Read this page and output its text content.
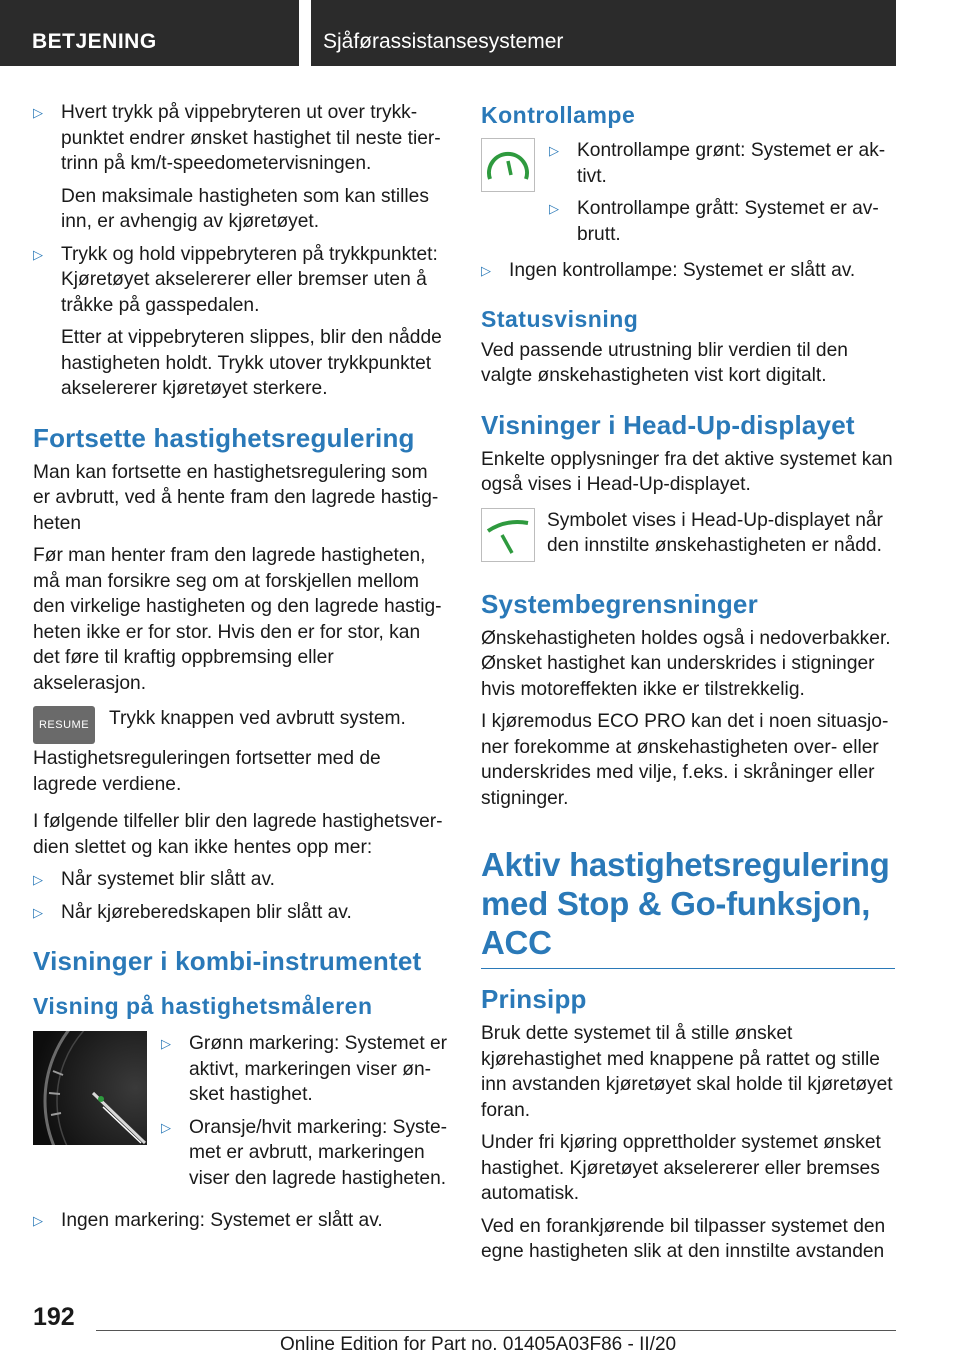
BETJENING	Sjåførassistansesystemer
▷ Hvert trykk på vippebryteren ut over trykkpunktet endrer ønsket hastighet til neste tiertrinn på km/t-speedometervisningen.
Den maksimale hastigheten som kan stilles inn, er avhengig av kjøretøyet.
▷ Trykk og hold vippebryteren på trykkpunktet: Kjøretøyet akselererer eller bremser uten å tråkke på gasspedalen.
Etter at vippebryteren slippes, blir den nådde hastigheten holdt. Trykk utover trykkpunktet akselererer kjøretøyet sterkere.
Fortsette hastighetsregulering

Man kan fortsette en hastighetsregulering som er avbrutt, ved å hente fram den lagrede hastigheten

Før man henter fram den lagrede hastigheten, må man forsikre seg om at forskjellen mellom den virkelige hastigheten og den lagrede hastigheten ikke er for stor. Hvis den er for stor, kan det føre til kraftig oppbremsing eller akselerasjon.

RESUME	Trykk knappen ved avbrutt system.

Hastighetsreguleringen fortsetter med de lagrede verdiene.

I følgende tilfeller blir den lagrede hastighetsverdien slettet og kan ikke hentes opp mer:

▷ Når systemet blir slått av.
▷ Når kjøreberedskapen blir slått av.
Visninger i kombi-instrumentet
Visning på hastighetsmåleren
▷ Grønn markering: Systemet er aktivt, markeringen viser ønsket hastighet.
▷ Oransje/hvit markering: Systemet er avbrutt, markeringen viser den lagrede hastigheten.
▷ Ingen markering: Systemet er slått av.
Kontrollampe
▷ Kontrollampe grønt: Systemet er aktivt.
▷ Kontrollampe grått: Systemet er avbrutt.
▷ Ingen kontrollampe: Systemet er slått av.
Statusvisning

Ved passende utrustning blir verdien til den valgte ønskehastigheten vist kort digitalt.

Visninger i Head-Up-displayet

Enkelte opplysninger fra det aktive systemet kan også vises i Head-Up-displayet.

Symbolet vises i Head-Up-displayet når den innstilte ønskehastigheten er nådd.

Systembegrensninger

Ønskehastigheten holdes også i nedoverbakker. Ønsket hastighet kan underskrides i stigninger hvis motoreffekten ikke er tilstrekkelig.

I kjøremodus ECO PRO kan det i noen situasjoner forekomme at ønskehastigheten over- eller underskrides med vilje, f.eks. i skråninger eller stigninger.

Aktiv hastighetsregulering med Stop & Go-funksjon, ACC
Prinsipp

Bruk dette systemet til å stille ønsket kjørehastighet med knappene på rattet og stille inn avstanden kjøretøyet skal holde til kjøretøyet foran.

Under fri kjøring opprettholder systemet ønsket hastighet. Kjøretøyet akselererer eller bremses automatisk.

Ved en forankjørende bil tilpasser systemet den egne hastigheten slik at den innstilte avstanden

192
Online Edition for Part no. 01405A03F86 - II/20
